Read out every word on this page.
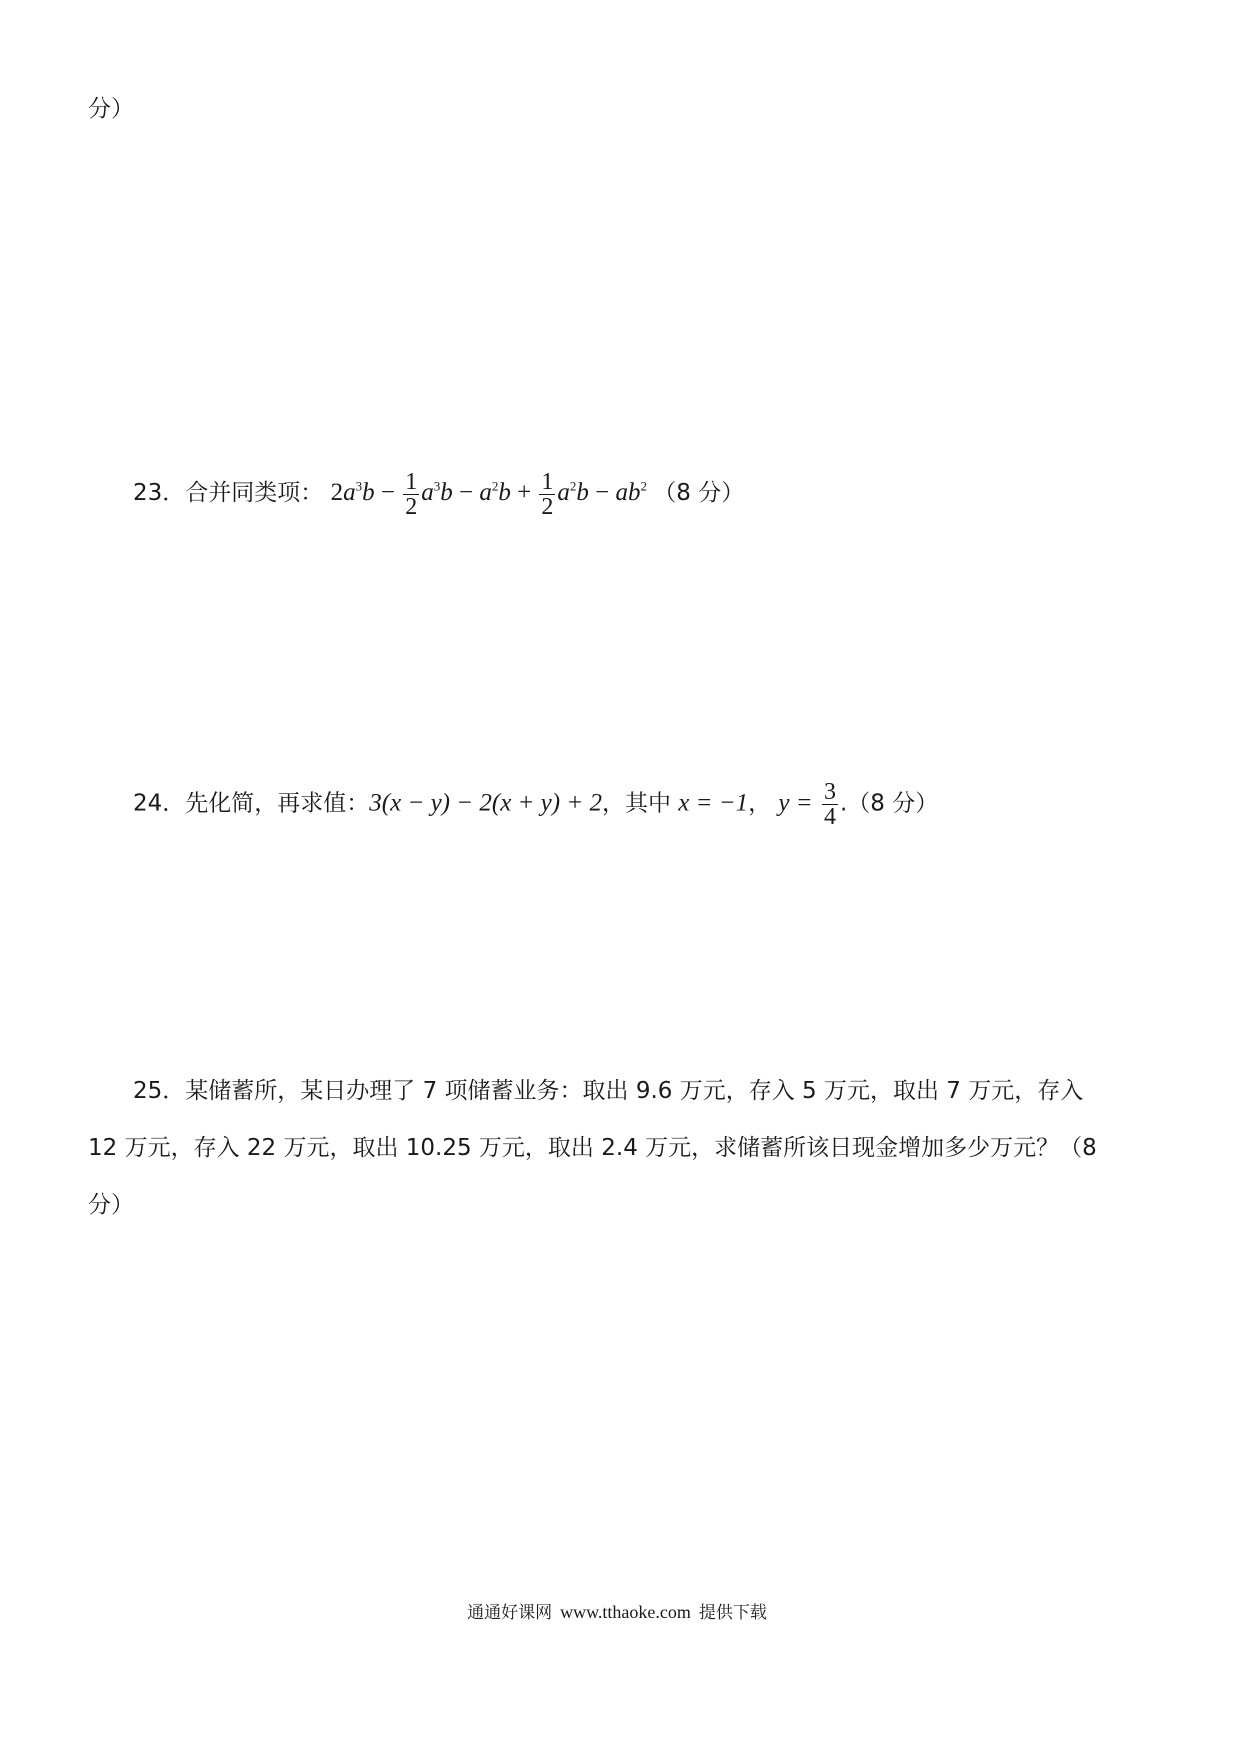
分）
23．合并同类项： $2a^3b - \frac{1}{2} a^3b - a^2b + \frac{1}{2} a^2b - ab^2$ （8 分）
24．先化简，再求值：3(x − y) − 2(x + y) + 2，其中 x = −1， $y = \frac{3}{4} .(8$ 分）
25．某储蓄所，某日办理了 7 项储蓄业务：取出 9.6 万元，存入 5 万元，取出 7 万元，存入
12 万元，存入 22 万元，取出 10.25 万元，取出 2.4 万元，求储蓄所该日现金增加多少万元？（8
分）
通通好课网 www.tthaoke.com 提供下载
